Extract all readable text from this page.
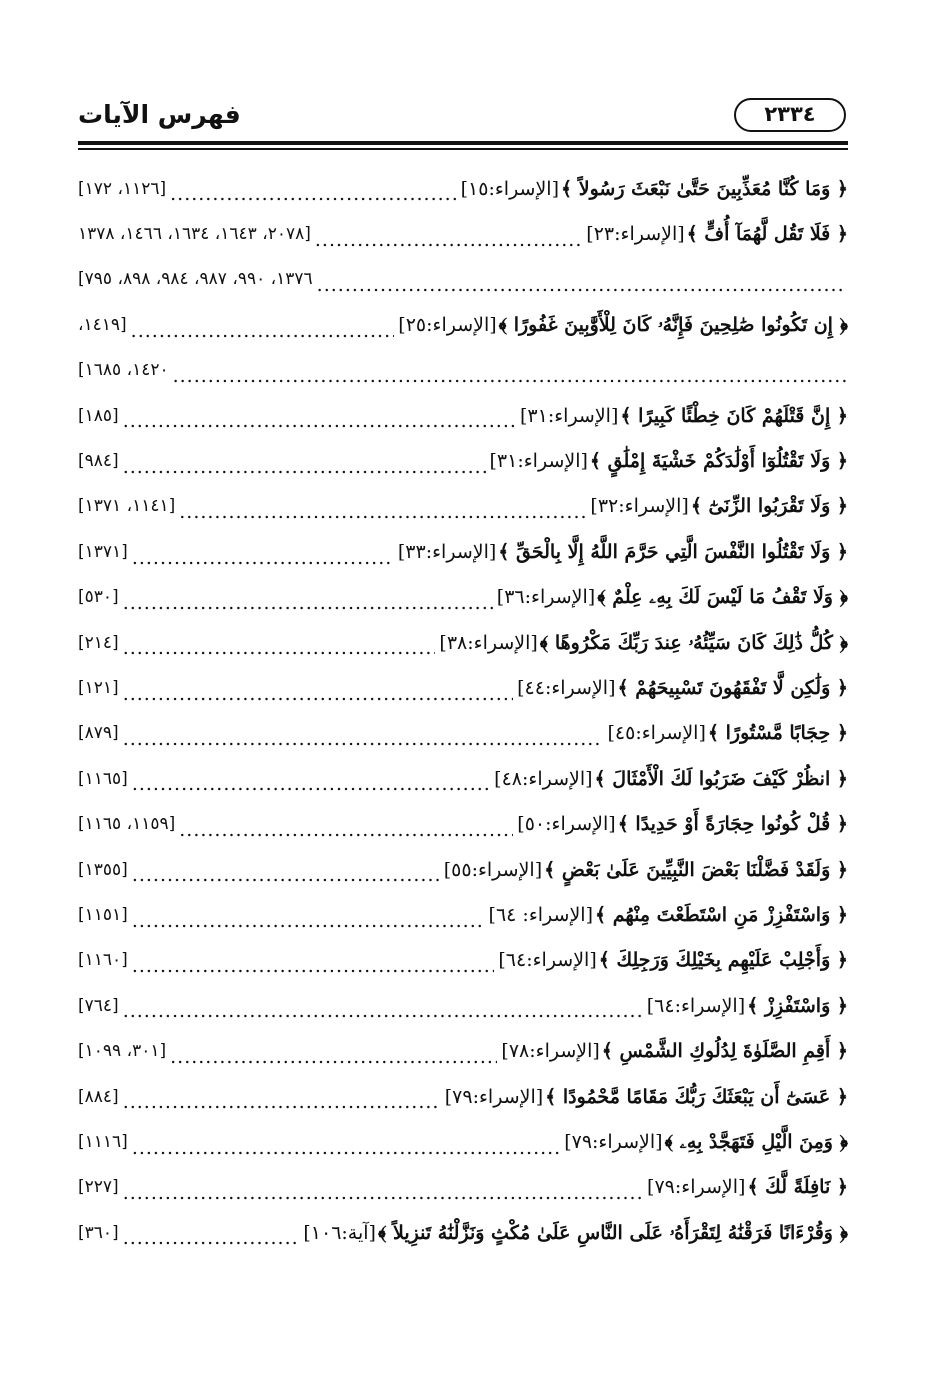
٢٣٣٤
فهرس الآيات
﴿ وَمَا كُنَّا مُعَذِّبِينَ حَتَّىٰ نَبْعَثَ رَسُولاً ﴾
[الإسراء:١٥]
.....
[١١٢٦، ١٧٢]
﴿ فَلَا تَقُل لَّهُمَآ أُفٍّ ﴾
[الإسراء:٢٣]
.....
[٢٠٧٨، ١٦٤٣، ١٦٣٤، ١٤٦٦، ١٣٧٨
.....
١٣٧٦، ٩٩٠، ٩٨٧، ٩٨٤، ٨٩٨، ٧٩٥]
﴿ إِن تَكُونُوا صَٰلِحِينَ فَإِنَّهُۥ كَانَ لِلْأَوَّٰبِينَ غَفُورًا ﴾
[الإسراء:٢٥]
.....
[١٤١٩،
.....
١٤٢٠، ١٦٨٥]
﴿ إِنَّ قَتْلَهُمْ كَانَ خِطْئًا كَبِيرًا ﴾
[الإسراء:٣١]
.....
[١٨٥]
﴿ وَلَا تَقْتُلُوٓا أَوْلَٰدَكُمْ خَشْيَةَ إِمْلَٰقٍ ﴾
[الإسراء:٣١]
.....
[٩٨٤]
﴿ وَلَا تَقْرَبُوا الزِّنَىٰٓ ﴾
[الإسراء:٣٢]
.....
[١١٤١، ١٣٧١]
﴿ وَلَا تَقْتُلُوا النَّفْسَ الَّتِي حَرَّمَ اللَّهُ إِلَّا بِالْحَقِّ ﴾
[الإسراء:٣٣]
.....
[١٣٧١]
﴿ وَلَا تَقْفُ مَا لَيْسَ لَكَ بِهِۦ عِلْمٌ ﴾
[الإسراء:٣٦]
.....
[٥٣٠]
﴿ كُلُّ ذَٰلِكَ كَانَ سَيِّئُهُۥ عِندَ رَبِّكَ مَكْرُوهًا ﴾
[الإسراء:٣٨]
.....
[٢١٤]
﴿ وَلَٰكِن لَّا تَفْقَهُونَ تَسْبِيحَهُمْ ﴾
[الإسراء:٤٤]
.....
[١٢١]
﴿ حِجَابًا مَّسْتُورًا ﴾
[الإسراء:٤٥]
.....
[٨٧٩]
﴿ انظُرْ كَيْفَ ضَرَبُوا لَكَ الْأَمْثَالَ ﴾
[الإسراء:٤٨]
.....
[١١٦٥]
﴿ قُلْ كُونُوا حِجَارَةً أَوْ حَدِيدًا ﴾
[الإسراء:٥٠]
.....
[١١٥٩، ١١٦٥]
﴿ وَلَقَدْ فَضَّلْنَا بَعْضَ النَّبِيِّينَ عَلَىٰ بَعْضٍ ﴾
[الإسراء:٥٥]
.....
[١٣٥٥]
﴿ وَاسْتَفْزِزْ مَنِ اسْتَطَعْتَ مِنْهُم ﴾
[الإسراء: ٦٤]
.....
[١١٥١]
﴿ وَأَجْلِبْ عَلَيْهِم بِخَيْلِكَ وَرَجِلِكَ ﴾
[الإسراء:٦٤]
.....
[١١٦٠]
﴿ وَاسْتَفْزِزْ ﴾
[الإسراء:٦٤]
.....
[٧٦٤]
﴿ أَقِمِ الصَّلَوٰةَ لِدُلُوكِ الشَّمْسِ ﴾
[الإسراء:٧٨]
.....
[٣٠١، ١٠٩٩]
﴿ عَسَىٰٓ أَن يَبْعَثَكَ رَبُّكَ مَقَامًا مَّحْمُودًا ﴾
[الإسراء:٧٩]
.....
[٨٨٤]
﴿ وَمِنَ الَّيْلِ فَتَهَجَّدْ بِهِۦ ﴾
[الإسراء:٧٩]
.....
[١١١٦]
﴿ نَافِلَةً لَّكَ ﴾
[الإسراء:٧٩]
.....
[٢٢٧]
﴿ وَقُرْءَانًا فَرَقْنَٰهُ لِتَقْرَأَهُۥ عَلَى النَّاسِ عَلَىٰ مُكْثٍ وَنَزَّلْنَٰهُ تَنزِيلاً ﴾
[آية:١٠٦]
.....
[٣٦٠]
